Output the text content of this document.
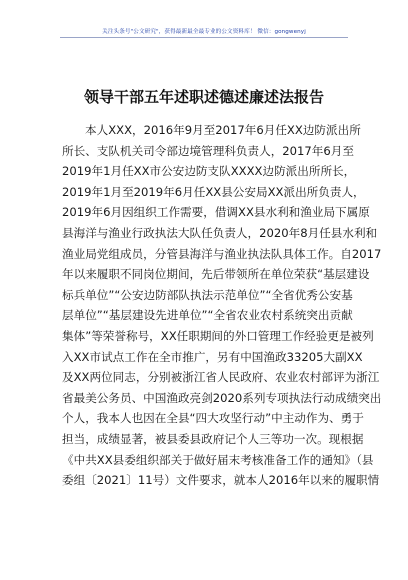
关注头条号"公文研究"，获得最新最全最专业的公文资料库！ 微信：gongwenyj
领导干部五年述职述德述廉述法报告
本人XXX，2016年9月至2017年6月任XX边防派出所
所长、支队机关司令部边境管理科负责人，2017年6月至
2019年1月任XX市公安边防支队XXXX边防派出所所长，
2019年1月至2019年6月任XX县公安局XX派出所负责人，
2019年6月因组织工作需要，借调XX县水利和渔业局下属原
县海洋与渔业行政执法大队任负责人，2020年8月任县水利和
渔业局党组成员，分管县海洋与渔业执法队具体工作。自2017
年以来履职不同岗位期间，先后带领所在单位荣获“基层建设
标兵单位”“公安边防部队执法示范单位”“全省优秀公安基
层单位”“基层建设先进单位”“全省农业农村系统突出贡献
集体”等荣誉称号，XX任职期间的外口管理工作经验更是被列
入XX市试点工作在全市推广，另有中国渔政33205大副XX
及XX两位同志，分别被浙江省人民政府、农业农村部评为浙江
省最美公务员、中国渔政亮剑2020系列专项执法行动成绩突出
个人，我本人也因在全县“四大攻坚行动”中主动作为、勇于
担当，成绩显著，被县委县政府记个人三等功一次。现根据
《中共XX县委组织部关于做好届末考核准备工作的通知》（县
委组〔2021〕11号）文件要求，就本人2016年以来的履职情
